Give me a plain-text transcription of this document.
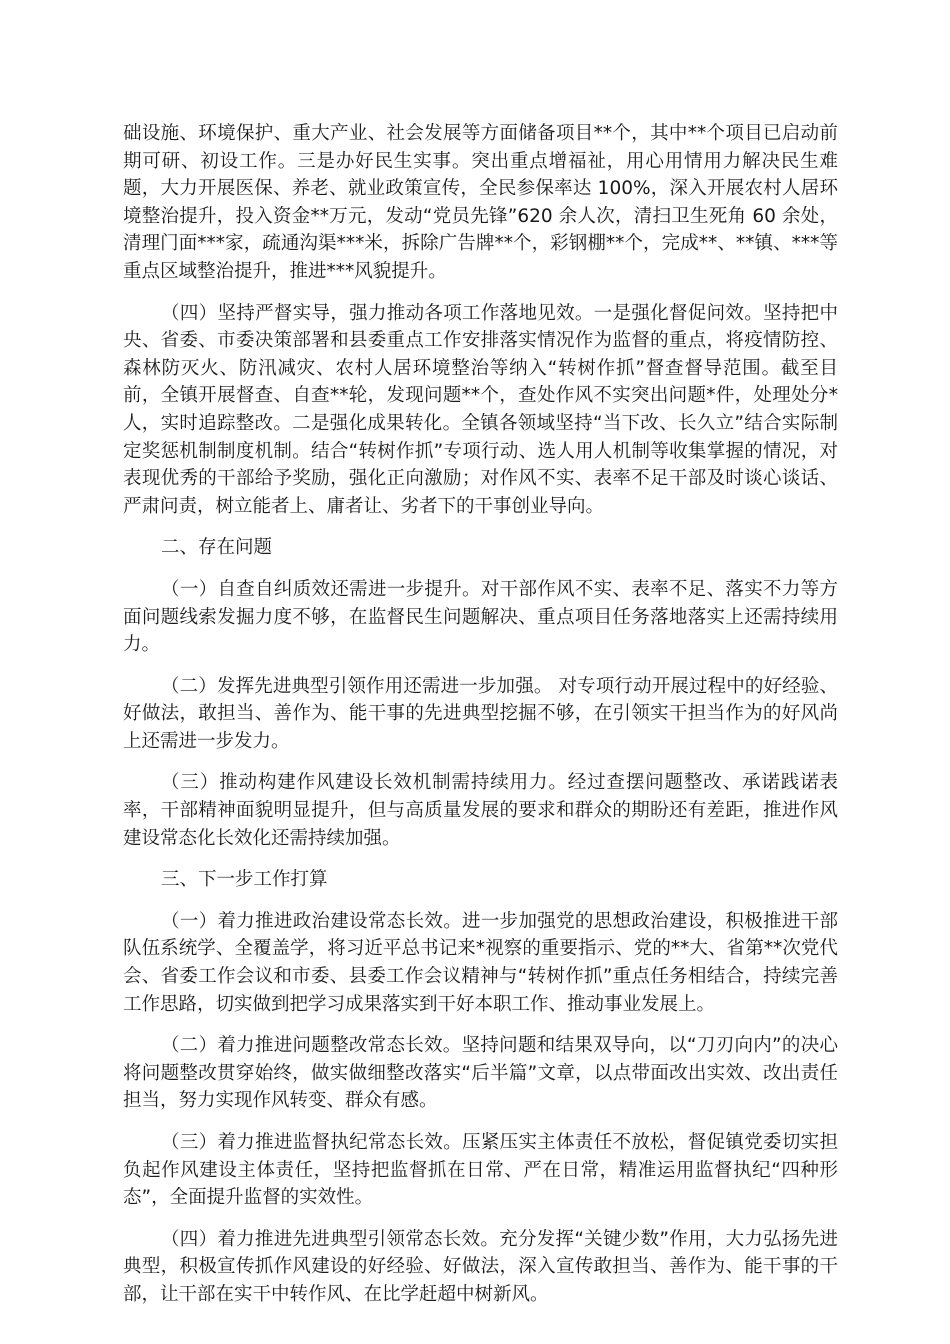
础设施、环境保护、重大产业、社会发展等方面储备项目**个，其中**个项目已启动前期可研、初设工作。三是办好民生实事。突出重点增福祉，用心用情用力解决民生难题，大力开展医保、养老、就业政策宣传，全民参保率达 100%，深入开展农村人居环境整治提升，投入资金**万元，发动“党员先锋”620 余人次，清扫卫生死角 60 余处，清理门面***家，疏通沟渠***米，拆除广告牌**个，彩钢棚**个，完成**、**镇、***等重点区域整治提升，推进***风貌提升。

（四）坚持严督实导，强力推动各项工作落地见效。一是强化督促问效。坚持把中央、省委、市委决策部署和县委重点工作安排落实情况作为监督的重点，将疫情防控、森林防灭火、防汛减灾、农村人居环境整治等纳入“转树作抓”督查督导范围。截至目前，全镇开展督查、自查**轮，发现问题**个，查处作风不实突出问题*件，处理处分*人，实时追踪整改。二是强化成果转化。全镇各领域坚持“当下改、长久立”结合实际制定奖惩机制制度机制。结合“转树作抓”专项行动、选人用人机制等收集掌握的情况，对表现优秀的干部给予奖励，强化正向激励；对作风不实、表率不足干部及时谈心谈话、严肃问责，树立能者上、庸者让、劣者下的干事创业导向。

二、存在问题

（一）自查自纠质效还需进一步提升。对干部作风不实、表率不足、落实不力等方面问题线索发掘力度不够，在监督民生问题解决、重点项目任务落地落实上还需持续用力。

（二）发挥先进典型引领作用还需进一步加强。 对专项行动开展过程中的好经验、好做法，敢担当、善作为、能干事的先进典型挖掘不够，在引领实干担当作为的好风尚上还需进一步发力。

（三）推动构建作风建设长效机制需持续用力。经过查摆问题整改、承诺践诺表率，干部精神面貌明显提升，但与高质量发展的要求和群众的期盼还有差距，推进作风建设常态化长效化还需持续加强。

三、下一步工作打算

（一）着力推进政治建设常态长效。进一步加强党的思想政治建设，积极推进干部队伍系统学、全覆盖学，将习近平总书记来*视察的重要指示、党的**大、省第**次党代会、省委工作会议和市委、县委工作会议精神与“转树作抓”重点任务相结合，持续完善工作思路，切实做到把学习成果落实到干好本职工作、推动事业发展上。

（二）着力推进问题整改常态长效。坚持问题和结果双导向，以“刀刃向内”的决心将问题整改贯穿始终，做实做细整改落实“后半篇”文章，以点带面改出实效、改出责任担当，努力实现作风转变、群众有感。

（三）着力推进监督执纪常态长效。压紧压实主体责任不放松，督促镇党委切实担负起作风建设主体责任，坚持把监督抓在日常、严在日常，精准运用监督执纪“四种形态”，全面提升监督的实效性。

（四）着力推进先进典型引领常态长效。充分发挥“关键少数”作用，大力弘扬先进典型，积极宣传抓作风建设的好经验、好做法，深入宣传敢担当、善作为、能干事的干部，让干部在实干中转作风、在比学赶超中树新风。
